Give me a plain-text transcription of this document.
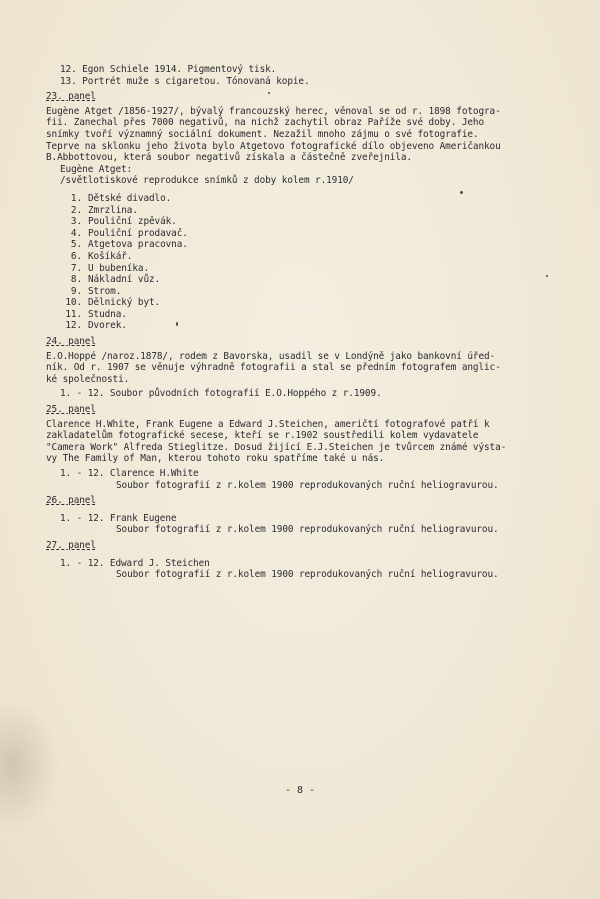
12. Egon Schiele 1914. Pigmentový tisk.
13. Portrét muže s cigaretou. Tónovaná kopie.
23. panel
Eugène Atget /1856-1927/, bývalý francouzský herec, věnoval se od r. 1898 fotogra-
fii. Zanechal přes 7000 negativů, na nichž zachytil obraz Paříže své doby. Jeho
snímky tvoří významný sociální dokument. Nezažil mnoho zájmu o své fotografie.
Teprve na sklonku jeho života bylo Atgetovo fotografické dílo objeveno Američankou
B.Abbottovou, která soubor negativů získala a částečně zveřejnila.
Eugène Atget:
/světlotiskové reprodukce snímků z doby kolem r.1910/
1. Dětské divadlo.
2. Zmrzlina.
3. Pouliční zpěvák.
4. Pouliční prodavač.
5. Atgetova pracovna.
6. Košíkář.
7. U bubeníka.
8. Nákladní vůz.
9. Strom.
10. Dělnický byt.
11. Studna.
12. Dvorek.
24. panel
E.O.Hoppé /naroz.1878/, rodem z Bavorska, usadil se v Londýně jako bankovní úřed-
ník. Od r. 1907 se věnuje výhradně fotografii a stal se předním fotografem anglic-
ké společnosti.
1. - 12. Soubor původních fotografií E.O.Hoppého z r.1909.
25. panel
Clarence H.White, Frank Eugene a Edward J.Steichen, američtí fotografové patří k
zakladatelům fotografické secese, kteří se r.1902 soustředili kolem vydavatele
"Camera Work" Alfreda Stieglitze. Dosud žijící E.J.Steichen je tvůrcem známé výsta-
vy The Family of Man, kterou tohoto roku spatříme také u nás.
1. - 12. Clarence H.White
Soubor fotografií z r.kolem 1900 reprodukovaných ruční heliogravurou.
26. panel
1. - 12. Frank Eugene
Soubor fotografií z r.kolem 1900 reprodukovaných ruční heliogravurou.
27. panel
1. - 12. Edward J. Steichen
Soubor fotografií z r.kolem 1900 reprodukovaných ruční heliogravurou.
- 8 -
